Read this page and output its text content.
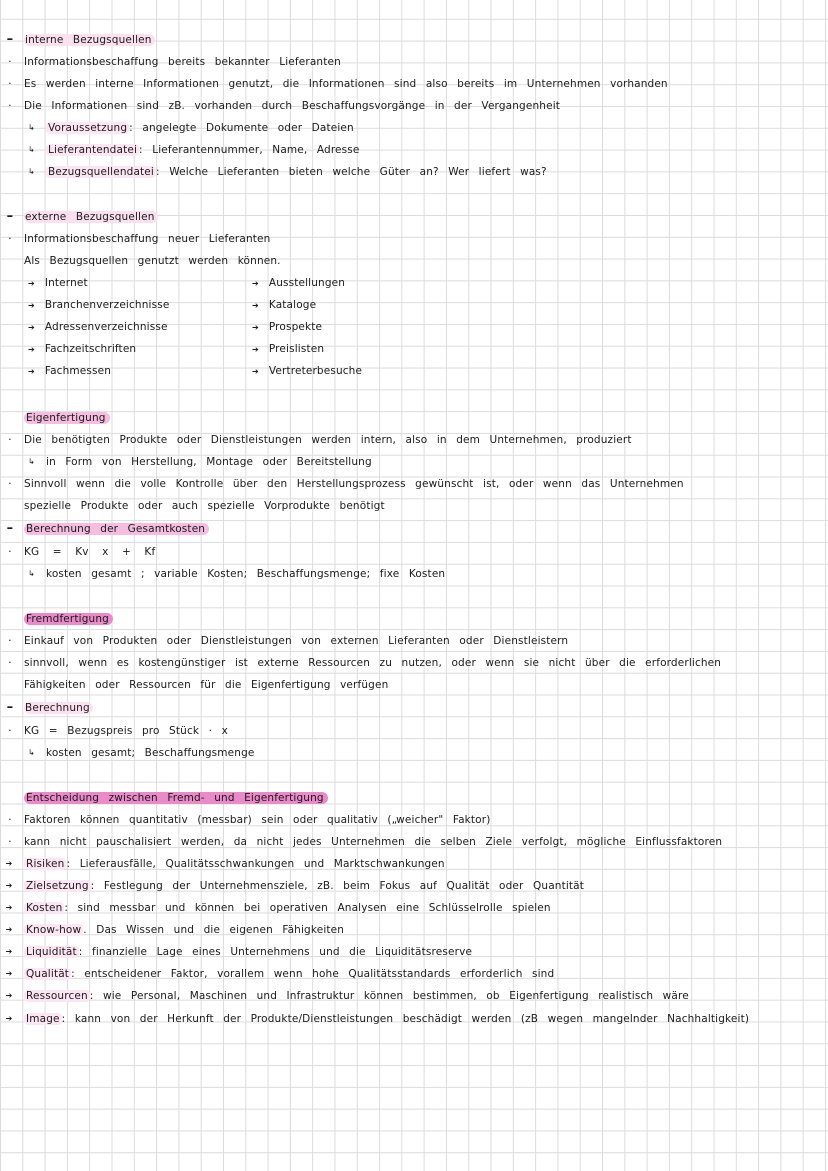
–	interne Bezugsquellen
·	Informationsbeschaffung bereits bekannter Lieferanten
·	Es werden interne Informationen genutzt, die Informationen sind also bereits im Unternehmen vorhanden
·	Die Informationen sind zB. vorhanden durch Beschaffungsvorgänge in der Vergangenheit
↳ Voraussetzung : angelegte Dokumente oder Dateien
↳ Lieferantendatei : Lieferantennummer, Name, Adresse
↳ Bezugsquellendatei : Welche Lieferanten bieten welche Güter an? Wer liefert was?
–	externe Bezugsquellen
·	Informationsbeschaffung neuer Lieferanten
Als Bezugsquellen genutzt werden können.
➔ Internet	➔ Ausstellungen
➔ Branchenverzeichnisse	➔ Kataloge
➔ Adressenverzeichnisse	➔ Prospekte
➔ Fachzeitschriften	➔ Preislisten
➔ Fachmessen	➔ Vertreterbesuche
Eigenfertigung
·	Die benötigten Produkte oder Dienstleistungen werden intern, also in dem Unternehmen, produziert
↳ in Form von Herstellung, Montage oder Bereitstellung
·	Sinnvoll wenn die volle Kontrolle über den Herstellungsprozess gewünscht ist, oder wenn das Unternehmen
spezielle Produkte oder auch spezielle Vorprodukte benötigt
–	Berechnung der Gesamtkosten
·	KG = Kv x + Kf
↳ kosten gesamt ; variable Kosten; Beschaffungsmenge; fixe Kosten
Fremdfertigung
·	Einkauf von Produkten oder Dienstleistungen von externen Lieferanten oder Dienstleistern
·	sinnvoll, wenn es kostengünstiger ist externe Ressourcen zu nutzen, oder wenn sie nicht über die erforderlichen
Fähigkeiten oder Ressourcen für die Eigenfertigung verfügen
–	Berechnung
·	KG = Bezugspreis pro Stück · x
↳ kosten gesamt; Beschaffungsmenge
Entscheidung zwischen Fremd- und Eigenfertigung
·	Faktoren können quantitativ (messbar) sein oder qualitativ („weicher" Faktor)
·	kann nicht pauschalisiert werden, da nicht jedes Unternehmen die selben Ziele verfolgt, mögliche Einflussfaktoren
➔	Risiken : Lieferausfälle, Qualitätsschwankungen und Marktschwankungen
➔	Zielsetzung : Festlegung der Unternehmensziele, zB. beim Fokus auf Qualität oder Quantität
➔	Kosten : sind messbar und können bei operativen Analysen eine Schlüsselrolle spielen
➔	Know-how . Das Wissen und die eigenen Fähigkeiten
➔	Liquidität : finanzielle Lage eines Unternehmens und die Liquiditätsreserve
➔	Qualität : entscheidener Faktor, vorallem wenn hohe Qualitätsstandards erforderlich sind
➔	Ressourcen : wie Personal, Maschinen und Infrastruktur können bestimmen, ob Eigenfertigung realistisch wäre
➔	Image : kann von der Herkunft der Produkte/Dienstleistungen beschädigt werden (zB wegen mangelnder Nachhaltigkeit)
